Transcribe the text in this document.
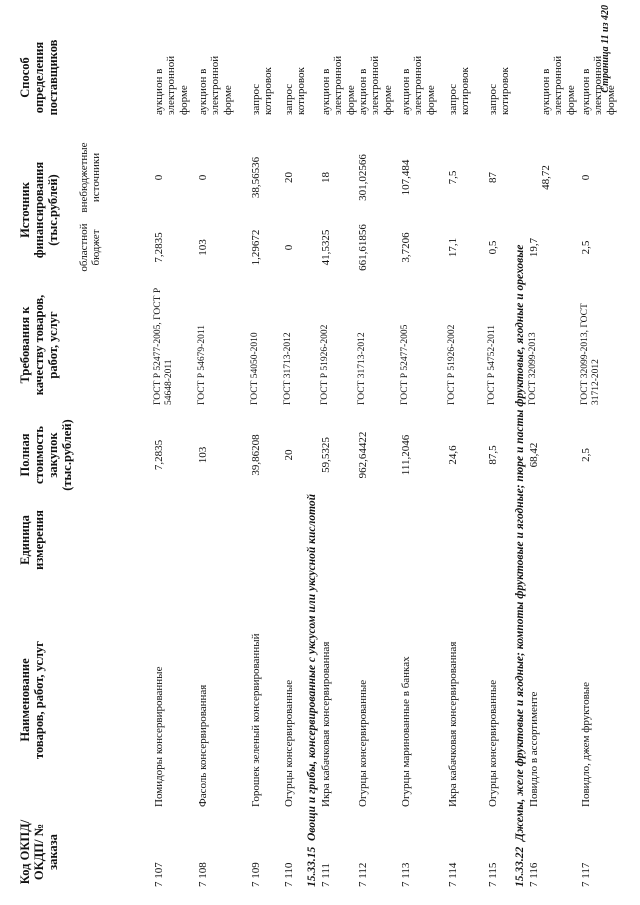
Код ОКПД/ ОКДП/ № заказа
Наименование товаров, работ, услуг
Единица измерения
Полная стоимость закупок (тыс.рублей)
Требования к качеству товаров, работ, услуг
Источник финансирования (тыс.рублей)
областной бюджет
внебюджетные источники
Способ определения поставщиков
7 107
Помидоры консервированные
7,2835
ГОСТ Р 52477-2005, ГОСТ Р 54648-2011
7,2835
0
аукцион в электронной форме
7 108
Фасоль консервированная
103
ГОСТ Р 54679-2011
103
0
аукцион в электронной форме
7 109
Горошек зеленый консервированный
39,86208
ГОСТ 54050-2010
1,29672
38,56536
запрос котировок
7 110
Огурцы консервированные
20
ГОСТ 31713-2012
0
20
запрос котировок
15.33.15  Овощи и грибы, консервированные с уксусом или уксусной кислотой
7 111
Икра кабачковая консервированная
59,5325
ГОСТ Р 51926-2002
41,5325
18
аукцион в электронной форме
7 112
Огурцы консервированные
962,64422
ГОСТ 31713-2012
661,61856
301,02566
аукцион в электронной форме
7 113
Огурцы маринованные в банках
111,2046
ГОСТ Р 52477-2005
3,7206
107,484
аукцион в электронной форме
7 114
Икра кабачковая консервированная
24,6
ГОСТ Р 51926-2002
17,1
7,5
запрос котировок
7 115
Огурцы консервированные
87,5
ГОСТ Р 54752-2011
0,5
87
запрос котировок
15.33.22  Джемы, желе фруктовые и ягодные; компоты фруктовые и ягодные; пюре и пасты фруктовые, ягодные и ореховые
7 116
Повидло в ассортименте
68,42
ГОСТ 32099-2013
19,7
48,72
аукцион в электронной форме
7 117
Повидло, джем фруктовые
2,5
ГОСТ 32099-2013, ГОСТ 31712-2012
2,5
0
аукцион в электронной форме
Страница 11 из 420
